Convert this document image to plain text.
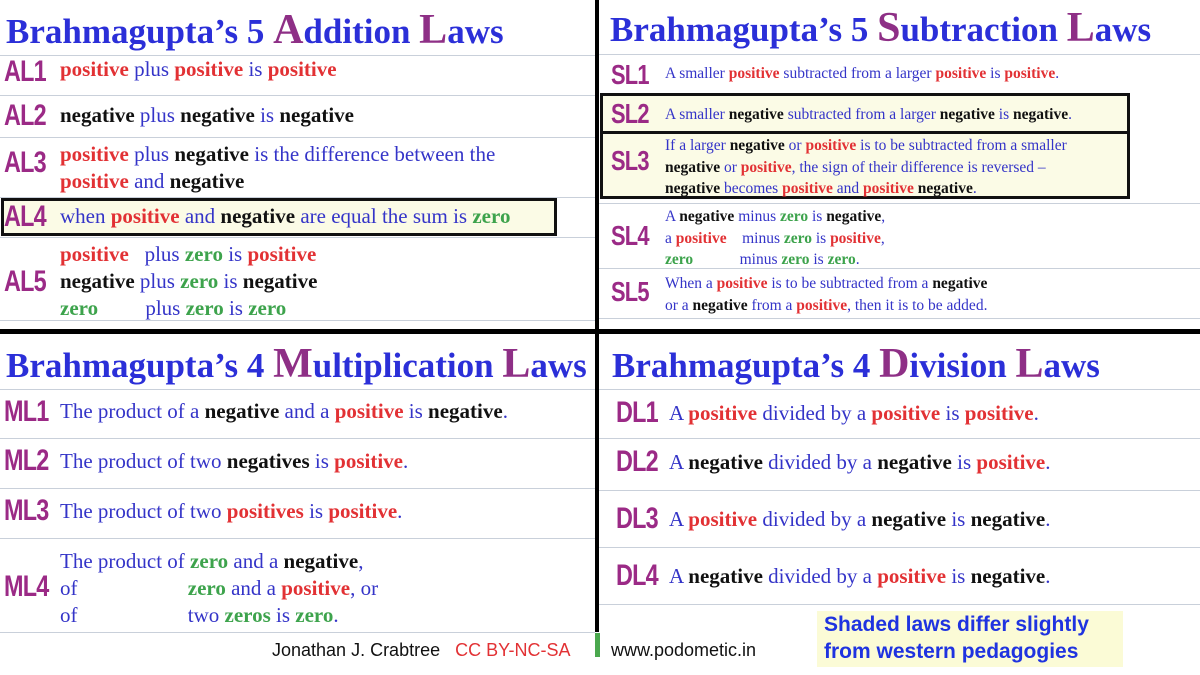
Brahmagupta’s 5 Addition Laws
AL1 positive plus positive is positive
AL2 negative plus negative is negative
AL3 positive plus negative is the difference between the
positive and negative
AL4 when positive and negative are equal the sum is zero
AL5
positive   plus zero is positive
negative plus zero is negative
zero         plus zero is zero
Brahmagupta’s 5 Subtraction Laws
SL1 A smaller positive subtracted from a larger positive is positive.
SL2 A smaller negative subtracted from a larger negative is negative.
SL3 If a larger negative or positive is to be subtracted from a smaller
negative or positive, the sign of their difference is reversed –
negative becomes positive and positive negative.
SL4
A negative minus zero is negative,
a positive    minus zero is positive,
zero            minus zero is zero.
SL5 When a positive is to be subtracted from a negative
or a negative from a positive, then it is to be added.
Brahmagupta’s 4 Multiplication Laws
ML1 The product of a negative and a positive is negative.
ML2 The product of two negatives is positive.
ML3 The product of two positives is positive.
ML4
The product of zero and a negative,
of                     zero and a positive, or
of                     two zeros is zero.
Brahmagupta’s 4 Division Laws
DL1 A positive divided by a positive is positive.
DL2 A negative divided by a negative is positive.
DL3 A positive divided by a negative is negative.
DL4 A negative divided by a positive is negative.
Jonathan J. Crabtree CC BY-NC-SA www.podometic.in
Shaded laws differ slightly
from western pedagogies
